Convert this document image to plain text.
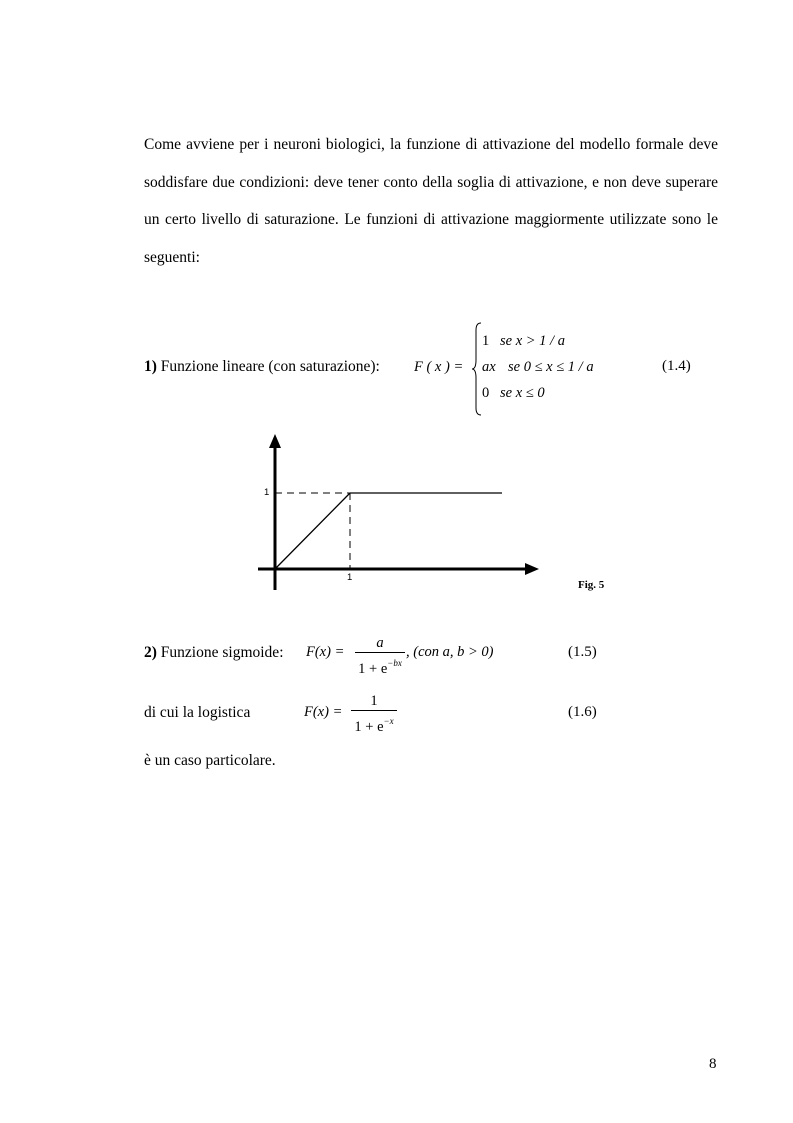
Come avviene per i neuroni biologici, la funzione di attivazione del modello formale deve soddisfare due condizioni: deve tener conto della soglia di attivazione, e non deve superare un certo livello di saturazione. Le funzioni di attivazione maggiormente utilizzate sono le seguenti:

1) Funzione lineare (con saturazione): F ( x ) =
1 se x > 1 / a
ax se 0 ≤ x ≤ 1 / a
0 se x ≤ 0
(1.4)
1
1
Fig. 5
2) Funzione sigmoide: F(x) =
a
$1 + e^{-bx}$
, (con a, b > 0)	(1.5)
di cui la logistica	F(x) =
1
$1 + e^{-x}$
(1.6)
è un caso particolare.
8
